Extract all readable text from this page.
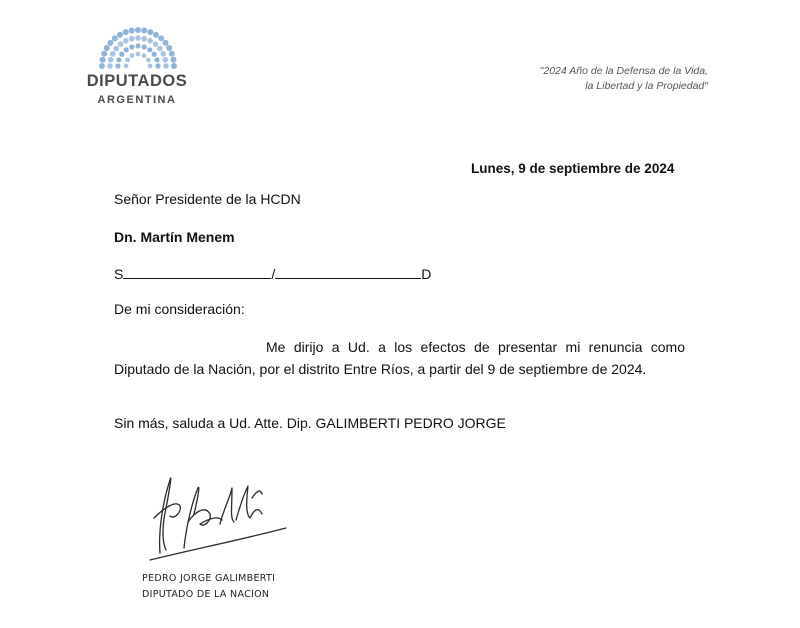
DIPUTADOS
ARGENTINA
"2024 Año de la Defensa de la Vida,
la Libertad y la Propiedad"
Lunes, 9 de septiembre de 2024
Señor Presidente de la HCDN
Dn. Martín Menem
S	/	D
De mi consideración:

Me dirijo a Ud. a los efectos de presentar mi renuncia como Diputado de la Nación, por el distrito Entre Ríos, a partir del 9 de septiembre de 2024.

Sin más, saluda a Ud. Atte. Dip. GALIMBERTI PEDRO JORGE
PEDRO JORGE GALIMBERTI
DIPUTADO DE LA NACION
